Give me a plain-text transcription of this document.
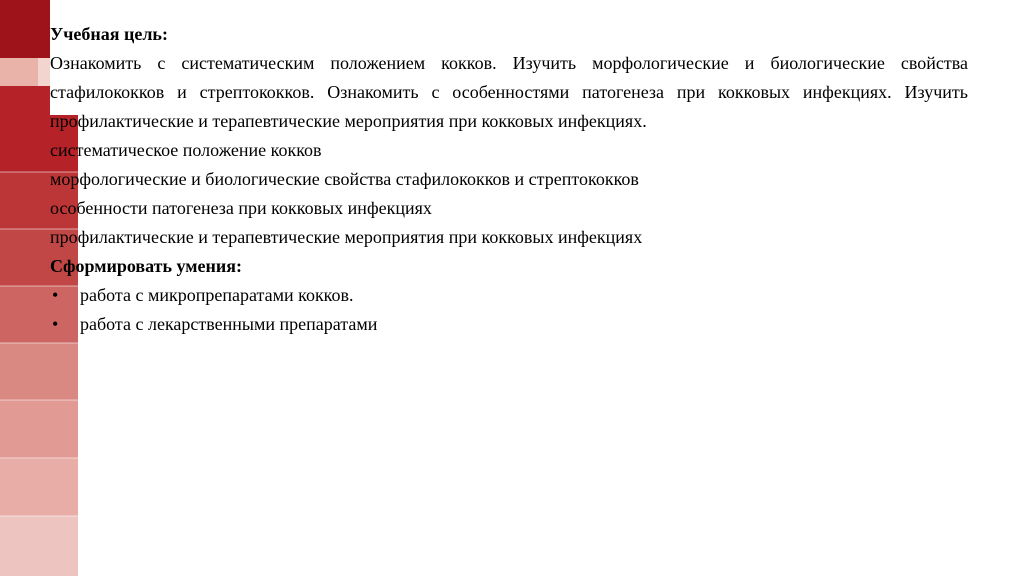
Учебная цель:
Ознакомить с систематическим положением кокков. Изучить морфологические и биологические свойства стафилококков и стрептококков. Ознакомить с особенностями патогенеза при кокковых инфекциях. Изучить профилактические и терапевтические мероприятия при кокковых инфекциях.
систематическое положение кокков
морфологические и биологические свойства стафилококков и стрептококков
особенности патогенеза при кокковых инфекциях
профилактические и терапевтические мероприятия при кокковых инфекциях
Сформировать умения:
•	работа с микропрепаратами кокков.
•	работа с лекарственными препаратами
